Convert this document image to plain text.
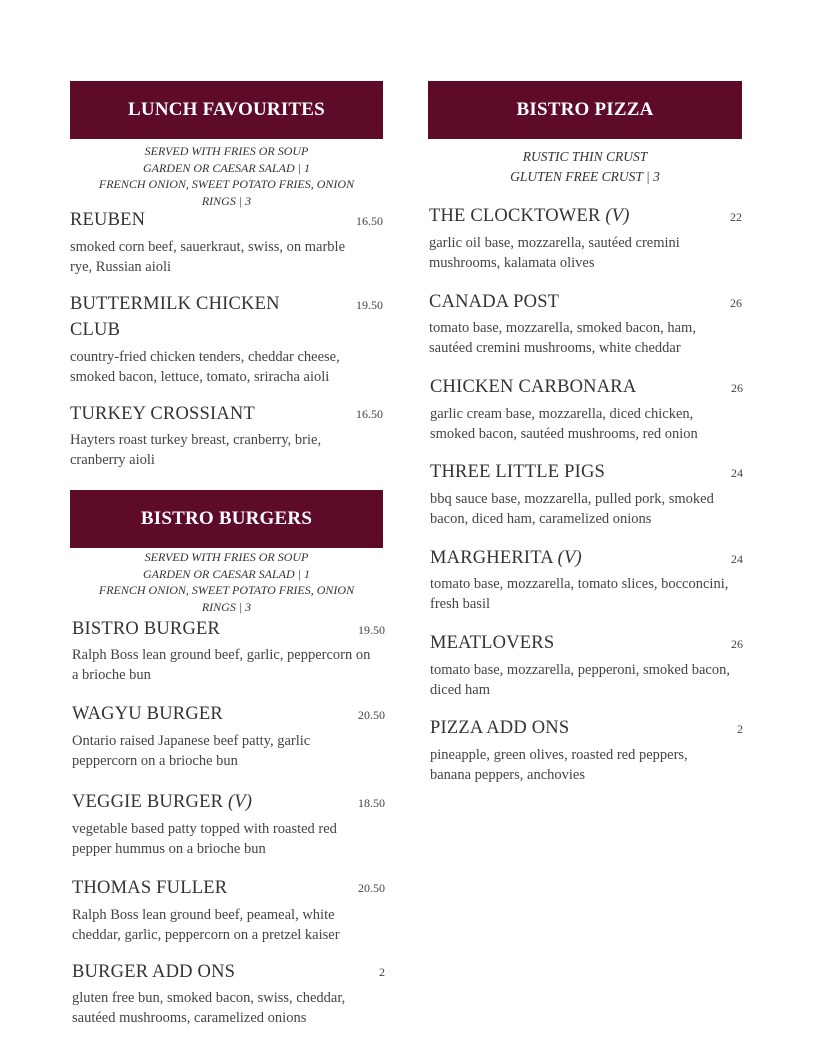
LUNCH FAVOURITES
SERVED WITH FRIES OR SOUP
GARDEN OR CAESAR SALAD | 1
FRENCH ONION, SWEET POTATO FRIES, ONION
RINGS | 3
REUBEN	16.50
smoked corn beef, sauerkraut, swiss, on marble rye, Russian aioli
BUTTERMILK CHICKEN CLUB
19.50
country-fried chicken tenders, cheddar cheese, smoked bacon, lettuce, tomato, sriracha aioli
TURKEY CROSSIANT	16.50
Hayters roast turkey breast, cranberry, brie, cranberry aioli
BISTRO BURGERS
SERVED WITH FRIES OR SOUP
GARDEN OR CAESAR SALAD | 1
FRENCH ONION, SWEET POTATO FRIES, ONION
RINGS | 3
BISTRO BURGER	19.50
Ralph Boss lean ground beef, garlic, peppercorn on a brioche bun
WAGYU BURGER	20.50
Ontario raised Japanese beef patty, garlic peppercorn on a brioche bun
VEGGIE BURGER (V)	18.50
vegetable based patty topped with roasted red pepper hummus on a brioche bun
THOMAS FULLER	20.50
Ralph Boss lean ground beef, peameal, white cheddar, garlic, peppercorn on a pretzel kaiser
BURGER ADD ONS	2
gluten free bun, smoked bacon, swiss, cheddar, sautéed mushrooms, caramelized onions
BISTRO PIZZA
RUSTIC THIN CRUST
GLUTEN FREE CRUST | 3
THE CLOCKTOWER (V)	22
garlic oil base, mozzarella, sautéed cremini mushrooms, kalamata olives
CANADA POST	26
tomato base, mozzarella, smoked bacon, ham, sautéed cremini mushrooms, white cheddar
CHICKEN CARBONARA	26
garlic cream base, mozzarella, diced chicken, smoked bacon, sautéed mushrooms, red onion
THREE LITTLE PIGS	24
bbq sauce base, mozzarella, pulled pork, smoked bacon, diced ham, caramelized onions
MARGHERITA (V)	24
tomato base, mozzarella, tomato slices, bocconcini, fresh basil
MEATLOVERS	26
tomato base, mozzarella, pepperoni, smoked bacon, diced ham
PIZZA ADD ONS	2
pineapple, green olives, roasted red peppers, banana peppers, anchovies
